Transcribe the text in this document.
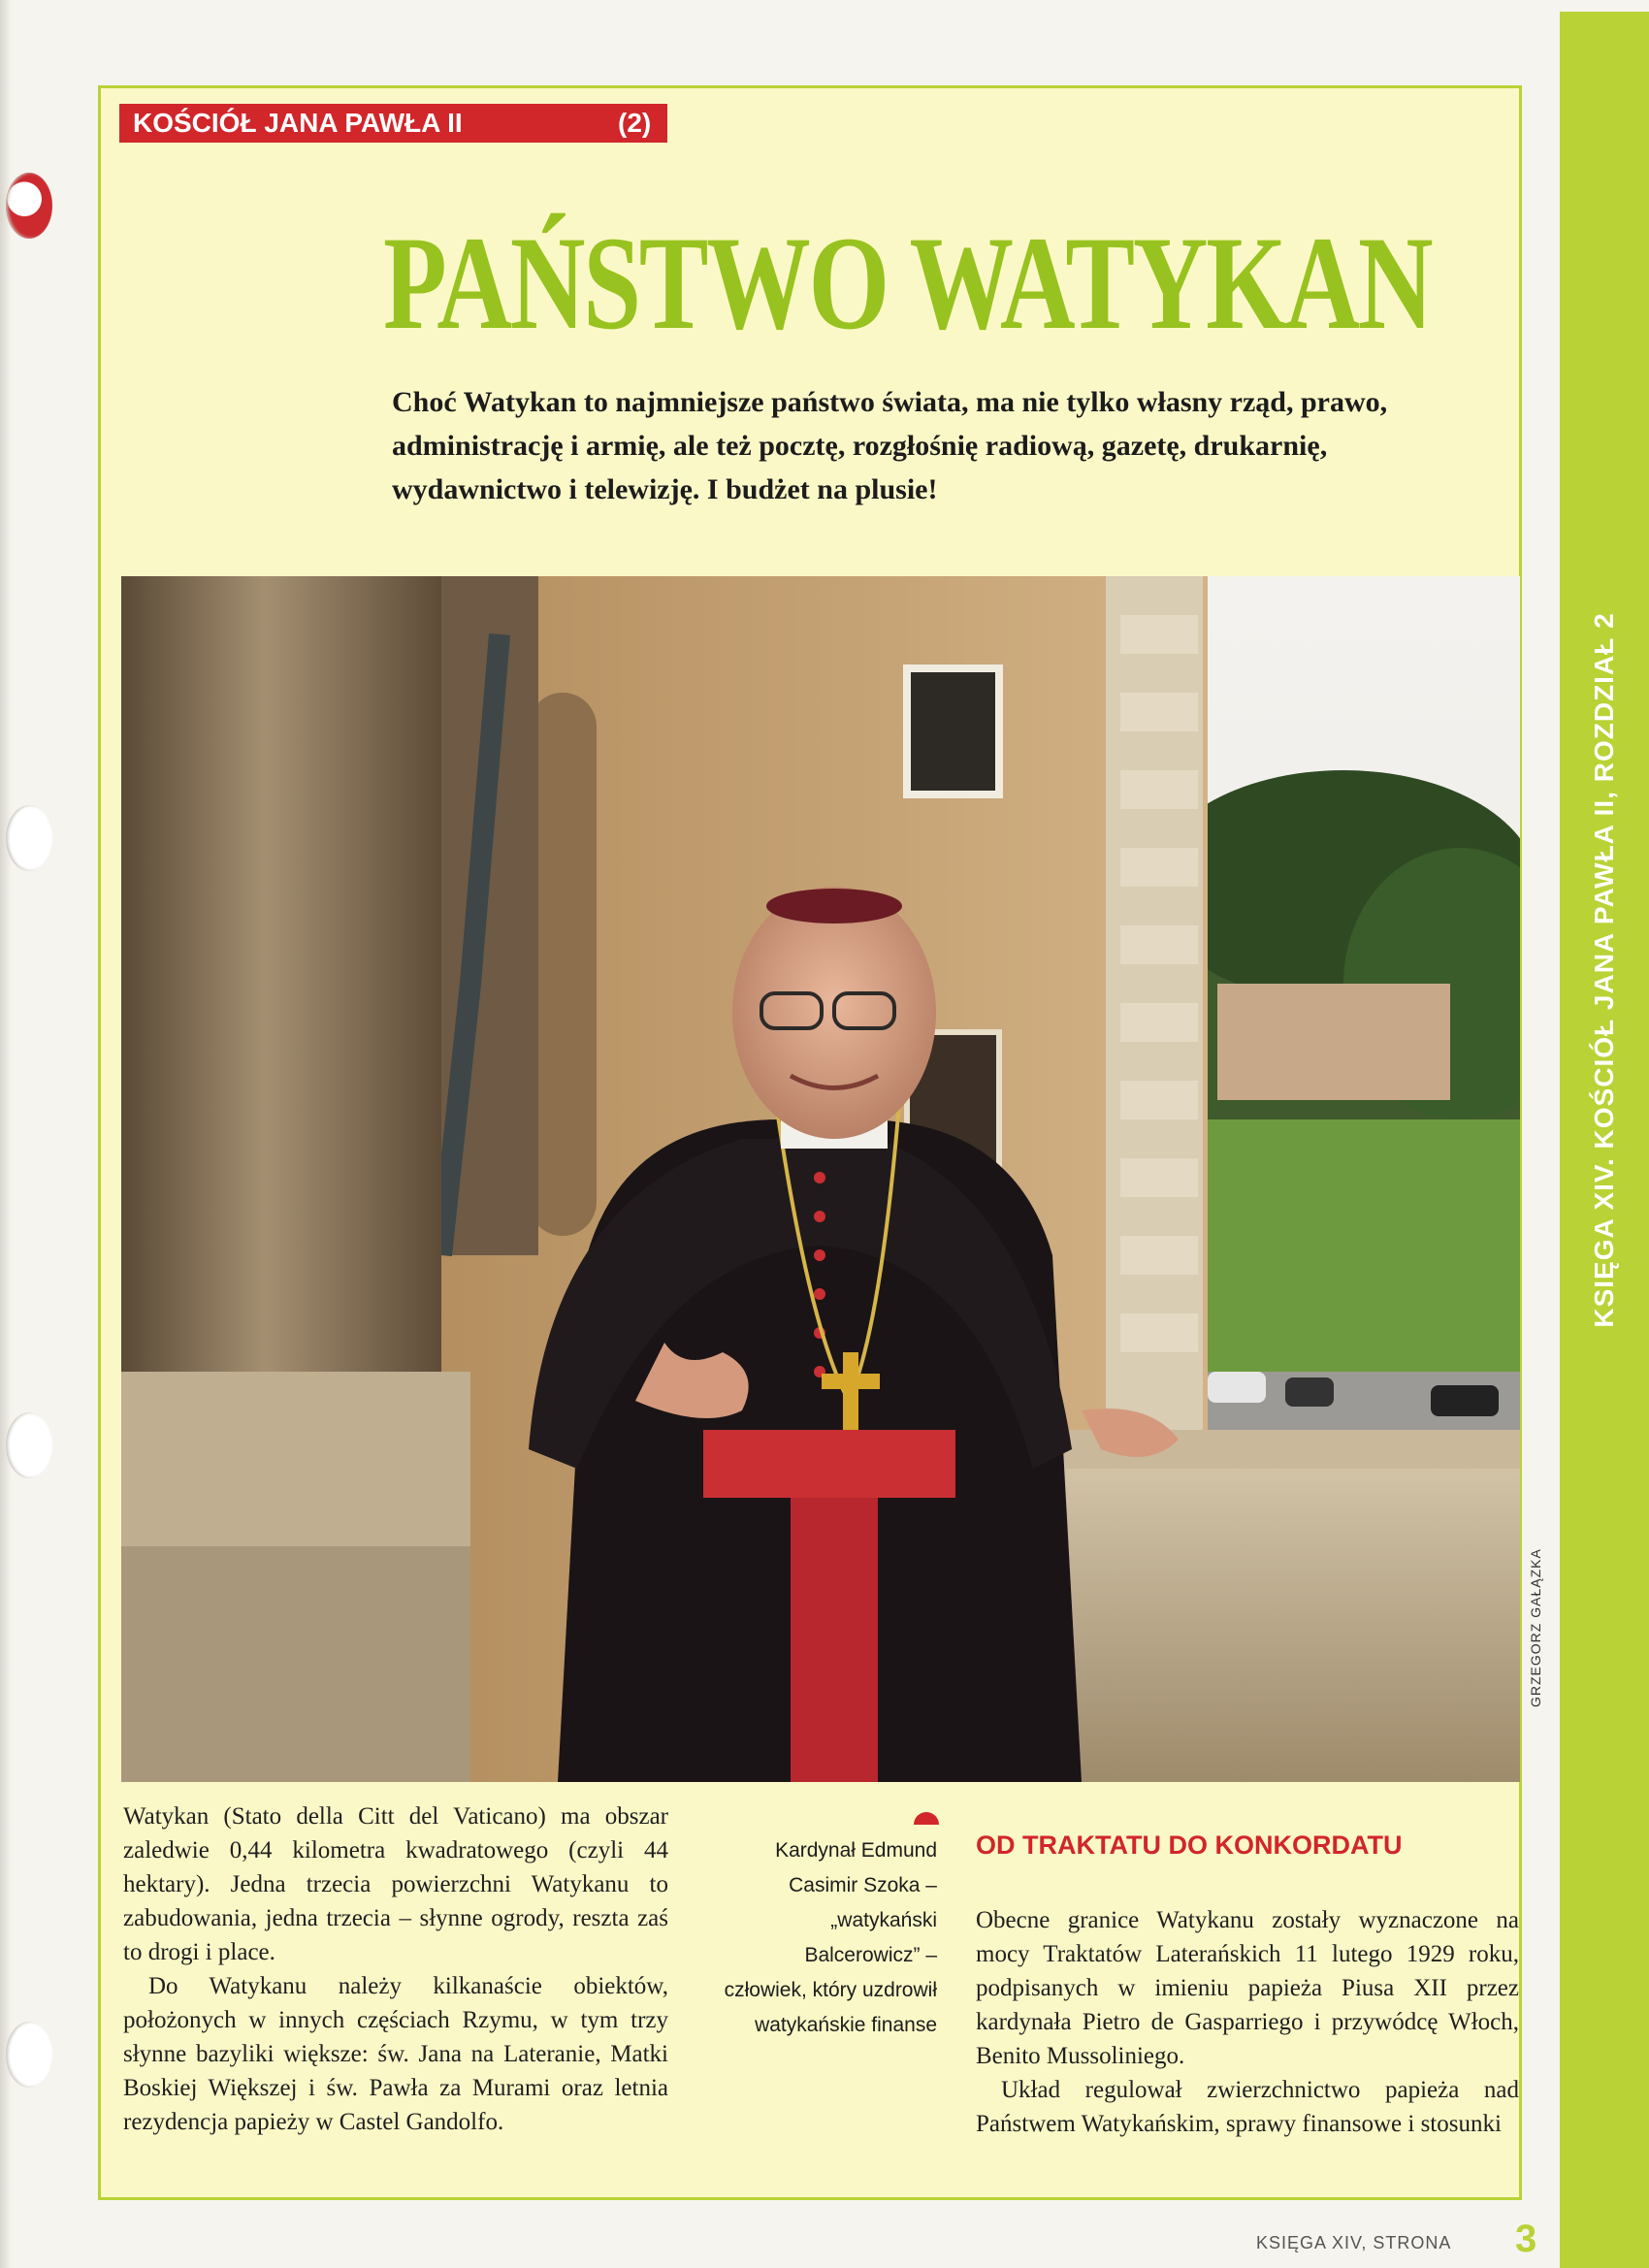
KSIĘGA XIV. KOŚCIÓŁ JANA PAWŁA II, ROZDZIAŁ 2
KOŚCIÓŁ JANA PAWŁA II	(2)
PAŃSTWO WATYKAN

Choć Watykan to najmniejsze państwo świata, ma nie tylko własny rząd, prawo, administrację i armię, ale też pocztę, rozgłośnię radiową, gazetę, drukarnię, wydawnictwo i telewizję. I budżet na plusie!

GRZEGORZ GAŁĄZKA

Watykan (Stato della Citt del Vaticano) ma obszar zaledwie 0,44 kilometra kwadratowego (czyli 44 hektary). Jedna trzecia powierzchni Watykanu to zabudowania, jedna trzecia – słynne ogrody, reszta zaś to drogi i place.

Do Watykanu należy kilkanaście obiektów, położonych w innych częściach Rzymu, w tym trzy słynne bazyliki większe: św. Jana na Lateranie, Matki Boskiej Większej i św. Pawła za Murami oraz letnia rezydencja papieży w Castel Gandolfo.

Kardynał Edmund Casimir Szoka – „watykański Balcerowicz” – człowiek, który uzdrowił watykańskie finanse

OD TRAKTATU DO KONKORDATU

Obecne granice Watykanu zostały wyznaczone na mocy Traktatów Laterańskich 11 lutego 1929 roku, podpisanych w imieniu papieża Piusa XII przez kardynała Pietro de Gasparriego i przywódcę Włoch, Benito Mussoliniego.

Układ regulował zwierzchnictwo papieża nad Państwem Watykańskim, sprawy finansowe i stosunki

KSIĘGA XIV, STRONA 3
